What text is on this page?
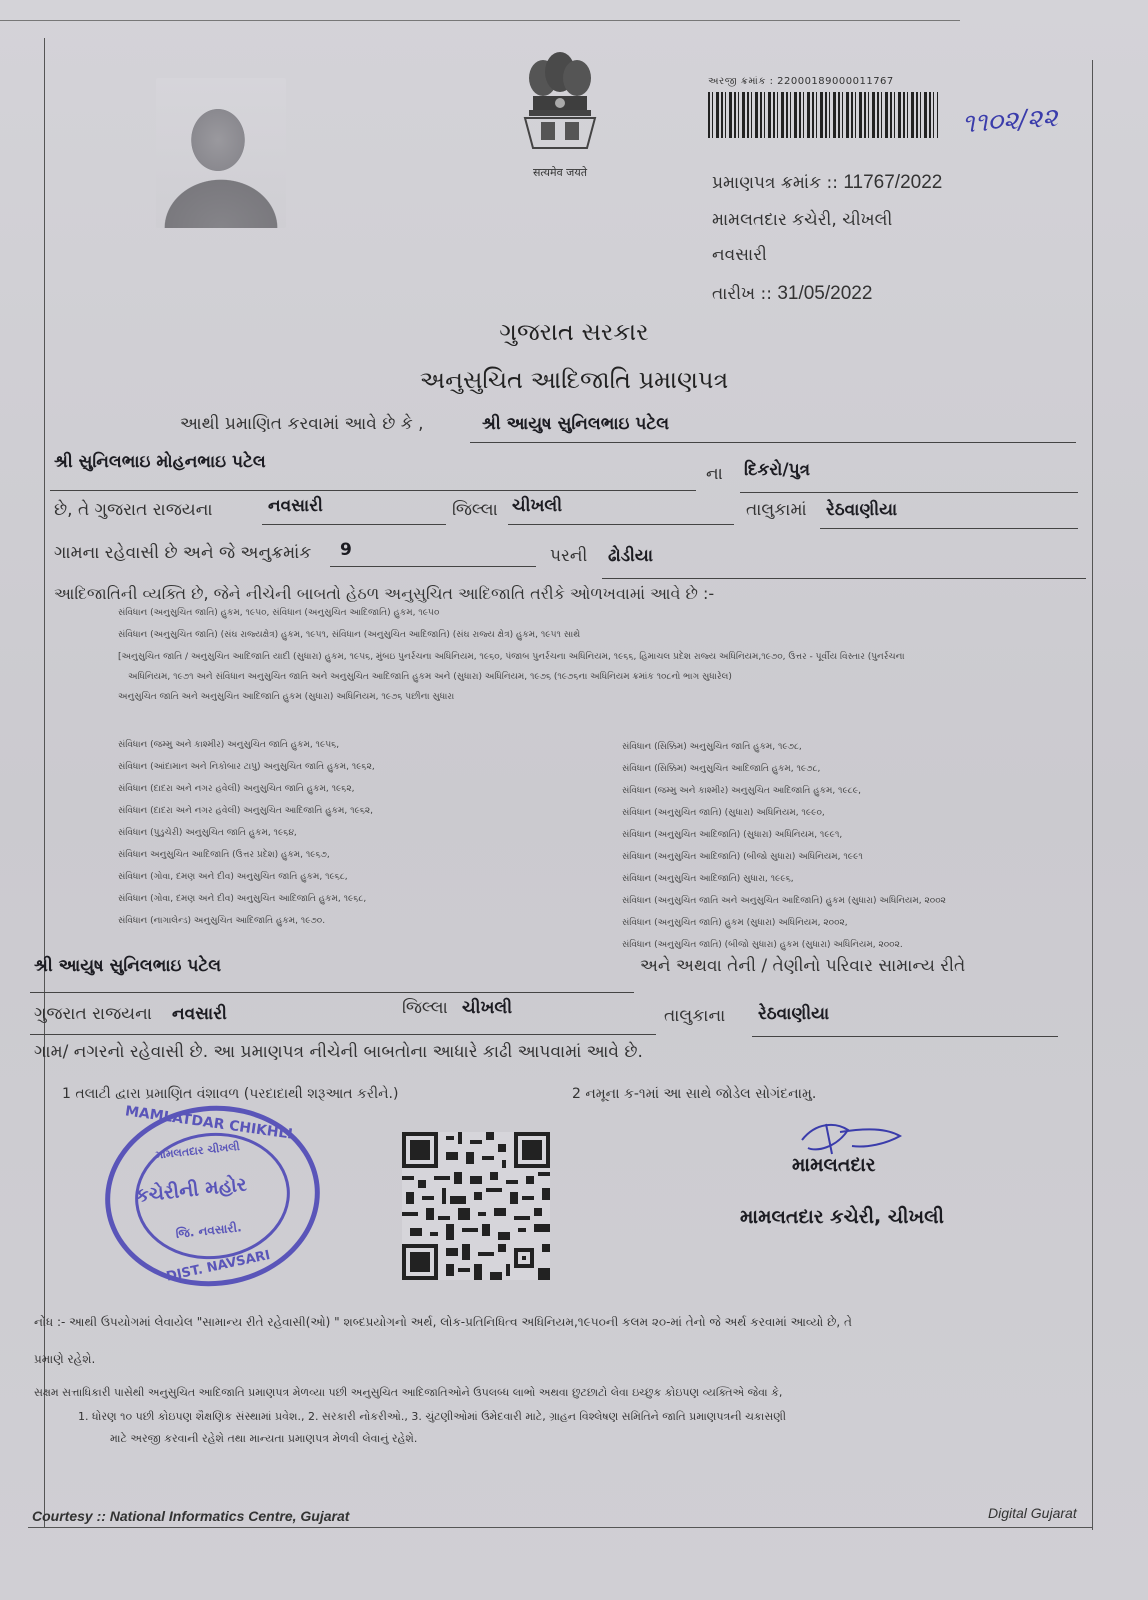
सत्यमेव जयते
અરજી ક્રમાંક : 22000189000011767
૧૧૦૨/૨૨
પ્રમાણપત્ર ક્રમાંક :: 11767/2022
મામલતદાર કચેરી, ચીખલી
નવસારી
તારીખ :: 31/05/2022
ગુજરાત સરકાર
અનુસુચિત આદિજાતિ પ્રમાણપત્ર
આથી પ્રમાણિત કરવામાં આવે છે કે ,	શ્રી આયુષ સુનિલભાઇ પટેલ
શ્રી સુનિલભાઇ મોહનભાઇ પટેલ
ના દિકરો/પુત્ર
છે, તે ગુજરાત રાજયના	નવસારી	જિલ્લા ચીખલી	તાલુકામાં રેઠવાણીયા
ગામના રહેવાસી છે અને જે અનુક્રમાંક 9	પરની ઢોડીયા
આદિજાતિની વ્યક્તિ છે, જેને નીચેની બાબતો હેઠળ અનુસુચિત આદિજાતિ તરીકે ઓળખવામાં આવે છે :-
સંવિધાન (અનુસુચિત જાતિ) હુકમ, ૧૯૫૦, સંવિધાન (અનુસુચિત આદિજાતિ) હુકમ, ૧૯૫૦
સંવિધાન (અનુસુચિત જાતિ) (સંઘ રાજ્યક્ષેત્ર) હુકમ, ૧૯૫૧, સંવિધાન (અનુસુચિત આદિજાતિ) (સંઘ રાજ્ય ક્ષેત્ર) હુકમ, ૧૯૫૧ સાથે
[અનુસુચિત જાતિ / અનુસુચિત આદિજાતિ યાદી (સુધારા) હુકમ, ૧૯૫૬, મુંબઇ પુનર્રચના અધિનિયમ, ૧૯૬૦, પંજાબ પુનર્રચના અધિનિયમ, ૧૯૬૬, હિમાચલ પ્રદેશ રાજ્ય અધિનિયમ,૧૯૭૦, ઉત્તર - પૂર્વીય વિસ્તાર (પુનર્રચના
અધિનિયમ, ૧૯૭૧ અને સંવિધાન અનુસુચિત જાતિ અને અનુસુચિત આદિજાતિ હુકમ અને (સુધારા) અધિનિયમ, ૧૯૭૬ (૧૯૭૬ના અધિનિયમ ક્રમાંક ૧૦૮નો ભાગ સુધારેલ)
અનુસુચિત જાતિ અને અનુસુચિત આદિજાતિ હુકમ (સુધારા) અધિનિયમ, ૧૯૭૬ પછીના સુધારા
સંવિધાન (જમ્મુ અને કાશ્મીર) અનુસુચિત જાતિ હુકમ, ૧૯૫૬,
સંવિધાન (આંદામાન અને નિકોબાર ટાપુ) અનુસુચિત જાતિ હુકમ, ૧૯૬૨,
સંવિધાન (દાદરા અને નગર હવેલી) અનુસુચિત જાતિ હુકમ, ૧૯૬૨,
સંવિધાન (દાદરા અને નગર હવેલી) અનુસુચિત આદિજાતિ હુકમ, ૧૯૬૨,
સંવિધાન (પુડુચેરી) અનુસુચિત જાતિ હુકમ, ૧૯૬૪,
સંવિધાન અનુસુચિત આદિજાતિ (ઉત્તર પ્રદેશ) હુકમ, ૧૯૬૭,
સંવિધાન (ગોવા, દમણ અને દીવ) અનુસુચિત જાતિ હુકમ, ૧૯૬૮,
સંવિધાન (ગોવા, દમણ અને દીવ) અનુસુચિત આદિજાતિ હુકમ, ૧૯૬૮,
સંવિધાન (નાગાલેન્ડ) અનુસુચિત આદિજાતિ હુકમ, ૧૯૭૦.
સંવિધાન (સિક્કિમ) અનુસુચિત જાતિ હુકમ, ૧૯૭૮,
સંવિધાન (સિક્કિમ) અનુસુચિત આદિજાતિ હુકમ, ૧૯૭૮,
સંવિધાન (જમ્મુ અને કાશ્મીર) અનુસુચિત આદિજાતિ હુકમ, ૧૯૮૯,
સંવિધાન (અનુસુચિત જાતિ) (સુધારા) અધિનિયમ, ૧૯૯૦,
સંવિધાન (અનુસુચિત આદિજાતિ) (સુધારા) અધિનિયમ, ૧૯૯૧,
સંવિધાન (અનુસુચિત આદિજાતિ) (બીજો સુધારા) અધિનિયમ, ૧૯૯૧
સંવિધાન (અનુસુચિત આદિજાતિ) સુધારા, ૧૯૯૬,
સંવિધાન (અનુસુચિત જાતિ અને અનુસુચિત આદિજાતિ) હુકમ (સુધારા) અધિનિયમ, ૨૦૦૨
સંવિધાન (અનુસુચિત જાતિ) હુકમ (સુધારા) અધિનિયમ, ૨૦૦૨,
સંવિધાન (અનુસુચિત જાતિ) (બીજો સુધારા) હુકમ (સુધારા) અધિનિયમ, ૨૦૦૨.
શ્રી આયુષ સુનિલભાઇ પટેલ	અને અથવા તેની / તેણીનો પરિવાર સામાન્ય રીતે
ગુજરાત રાજયના નવસારી	જિલ્લા ચીખલી	તાલુકાના રેઠવાણીયા
ગામ/ નગરનો રહેવાસી છે. આ પ્રમાણપત્ર નીચેની બાબતોના આધારે કાઢી આપવામાં આવે છે.
1 તલાટી દ્વારા પ્રમાણિત વંશાવળ (પરદાદાથી શરૂઆત કરીને.)	2 નમૂના ક-૧માં આ સાથે જોડેલ સોગંદનામુ.
MAMLATDAR CHIKHLI
મામલતદાર ચીખલી
કચેરીની મહોર
જિ. નવસારી.
DIST. NAVSARI
મામલતદાર
મામલતદાર કચેરી, ચીખલી
નોંધ :- આથી ઉપયોગમાં લેવાયેલ "સામાન્ય રીતે રહેવાસી(ઓ) " શબ્દપ્રયોગનો અર્થ, લોક-પ્રતિનિધિત્વ અધિનિયમ,૧૯૫૦ની કલમ ૨૦-માં તેનો જે અર્થ કરવામાં આવ્યો છે, તે
પ્રમાણે રહેશે.
સક્ષમ સત્તાધિકારી પાસેથી અનુસુચિત આદિજાતિ પ્રમાણપત્ર મેળવ્યા પછી અનુસુચિત આદિજાતિઓને ઉપલબ્ધ લાભો અથવા છુટછાટો લેવા ઇચ્છુક કોઇપણ વ્યક્તિએ જેવા કે,
1. ધોરણ ૧૦ પછી કોઇપણ શૈક્ષણિક સંસ્થામાં પ્રવેશ., 2. સરકારી નોકરીઓ., 3. ચુંટણીઓમાં ઉમેદવારી માટે, ગ્રાહન વિશ્લેષણ સમિતિને જાતિ પ્રમાણપત્રની ચકાસણી
માટે અરજી કરવાની રહેશે તથા માન્યતા પ્રમાણપત્ર મેળવી લેવાનું રહેશે.
Courtesy :: National Informatics Centre, Gujarat	Digital Gujarat
